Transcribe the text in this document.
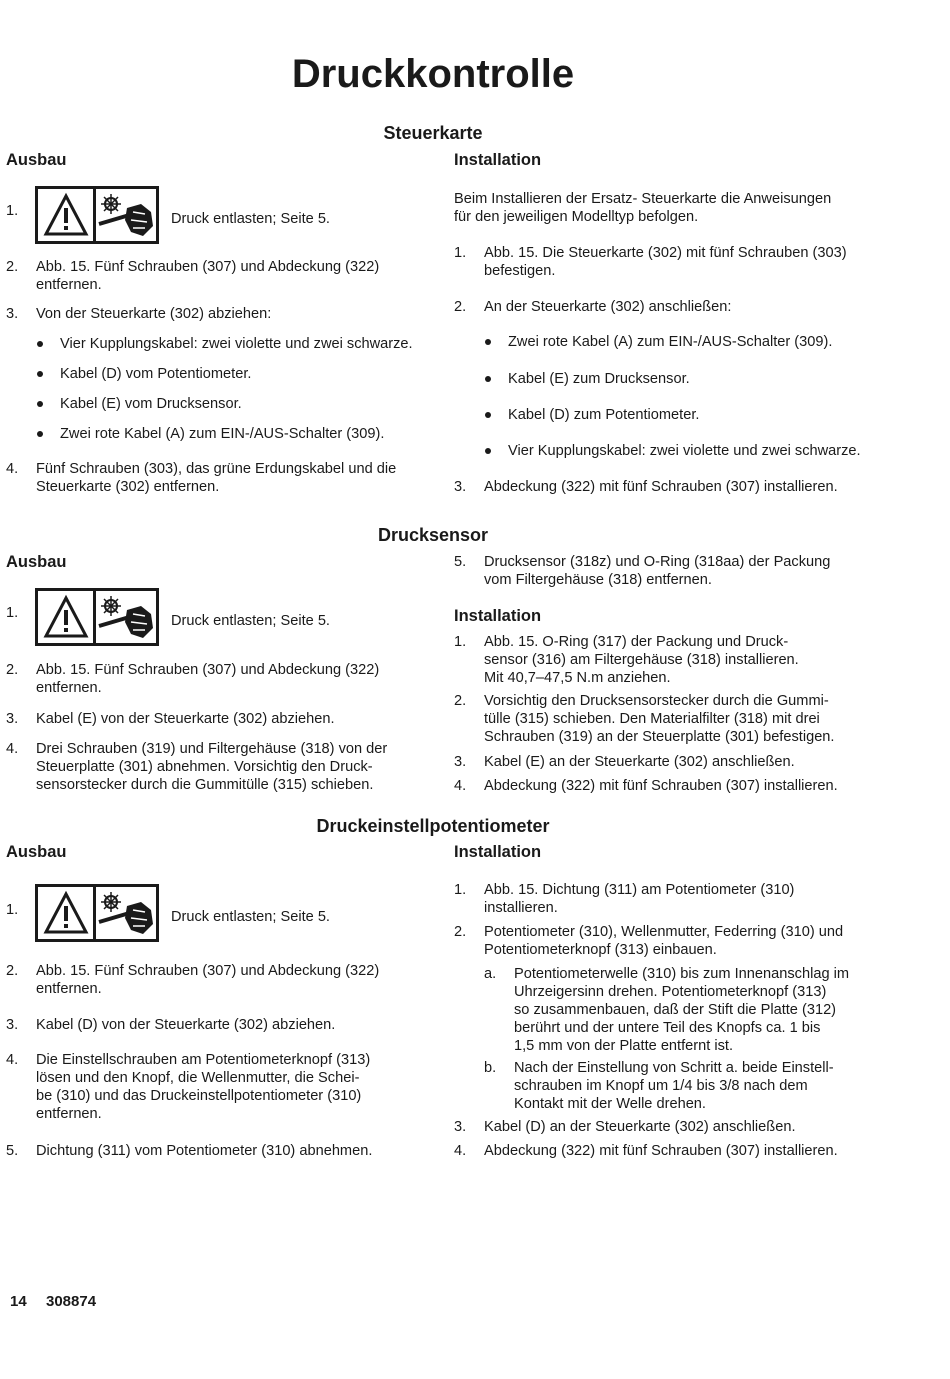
Druckkontrolle
Steuerkarte
Ausbau
1.	Druck entlasten; Seite 5.
2. Abb. 15. Fünf Schrauben (307) und Abdeckung (322)
entfernen.
3. Von der Steuerkarte (302) abziehen:
Vier Kupplungskabel: zwei violette und zwei schwarze.
Kabel (D) vom Potentiometer.
Kabel (E) vom Drucksensor.
Zwei rote Kabel (A) zum EIN-/AUS-Schalter (309).
4. Fünf Schrauben (303), das grüne Erdungskabel und die
Steuerkarte (302) entfernen.
Installation
Beim Installieren der Ersatz- Steuerkarte die Anweisungen
für den jeweiligen Modelltyp befolgen.
1. Abb. 15. Die Steuerkarte (302) mit fünf Schrauben (303)
befestigen.
2. An der Steuerkarte (302) anschließen:
Zwei rote Kabel (A) zum EIN-/AUS-Schalter (309).
Kabel (E) zum Drucksensor.
Kabel (D) zum Potentiometer.
Vier Kupplungskabel: zwei violette und zwei schwarze.
3. Abdeckung (322) mit fünf Schrauben (307) installieren.
Drucksensor
Ausbau
1.	Druck entlasten; Seite 5.
2. Abb. 15. Fünf Schrauben (307) und Abdeckung (322)
entfernen.
3. Kabel (E) von der Steuerkarte (302) abziehen.
4. Drei Schrauben (319) und Filtergehäuse (318) von der
Steuerplatte (301) abnehmen. Vorsichtig den Druck-
sensorstecker durch die Gummitülle (315) schieben.
5. Drucksensor (318z) und O-Ring (318aa) der Packung
vom Filtergehäuse (318) entfernen.
Installation
1. Abb. 15. O-Ring (317) der Packung und Druck-
sensor (316) am Filtergehäuse (318) installieren.
Mit 40,7–47,5 N.m anziehen.
2. Vorsichtig den Drucksensorstecker durch die Gummi-
tülle (315) schieben. Den Materialfilter (318) mit drei
Schrauben (319) an der Steuerplatte (301) befestigen.
3. Kabel (E) an der Steuerkarte (302) anschließen.
4. Abdeckung (322) mit fünf Schrauben (307) installieren.
Druckeinstellpotentiometer
Ausbau
1.	Druck entlasten; Seite 5.
2. Abb. 15. Fünf Schrauben (307) und Abdeckung (322)
entfernen.
3. Kabel (D) von der Steuerkarte (302) abziehen.
4. Die Einstellschrauben am Potentiometerknopf (313)
lösen und den Knopf, die Wellenmutter, die Schei-
be (310) und das Druckeinstellpotentiometer (310)
entfernen.
5. Dichtung (311) vom Potentiometer (310) abnehmen.
Installation
1. Abb. 15. Dichtung (311) am Potentiometer (310)
installieren.
2. Potentiometer (310), Wellenmutter, Federring (310) und
Potentiometerknopf (313) einbauen.
a. Potentiometerwelle (310) bis zum Innenanschlag im
Uhrzeigersinn drehen. Potentiometerknopf (313)
so zusammenbauen, daß der Stift die Platte (312)
berührt und der untere Teil des Knopfs ca. 1 bis
1,5 mm von der Platte entfernt ist.
b. Nach der Einstellung von Schritt a. beide Einstell-
schrauben im Knopf um 1/4 bis 3/8 nach dem
Kontakt mit der Welle drehen.
3. Kabel (D) an der Steuerkarte (302) anschließen.
4. Abdeckung (322) mit fünf Schrauben (307) installieren.
14 308874
